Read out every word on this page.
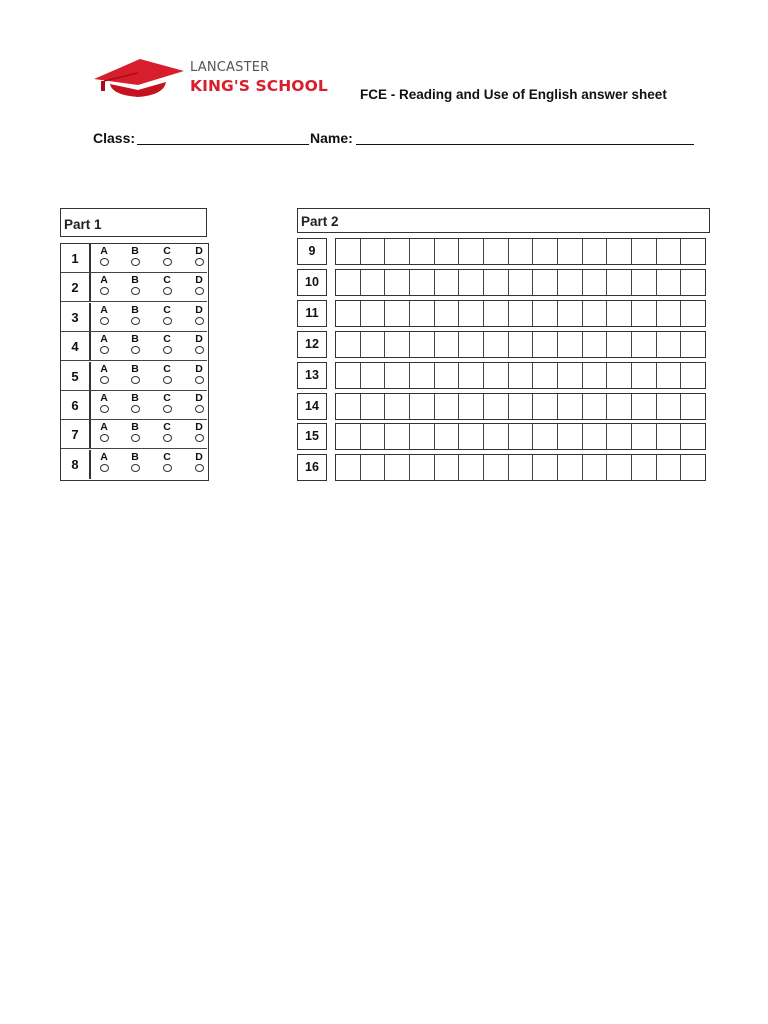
LANCASTER
KING'S SCHOOL FCE - Reading and Use of English answer sheet
Class:	Name:
Part 1
1	A	B	C	D
2	A	B	C	D
3	A	B	C	D
4	A	B	C	D
5	A	B	C	D
6	A	B	C	D
7	A	B	C	D
8	A	B	C	D
Part 2
9
10
11
12
13
14
15
16
